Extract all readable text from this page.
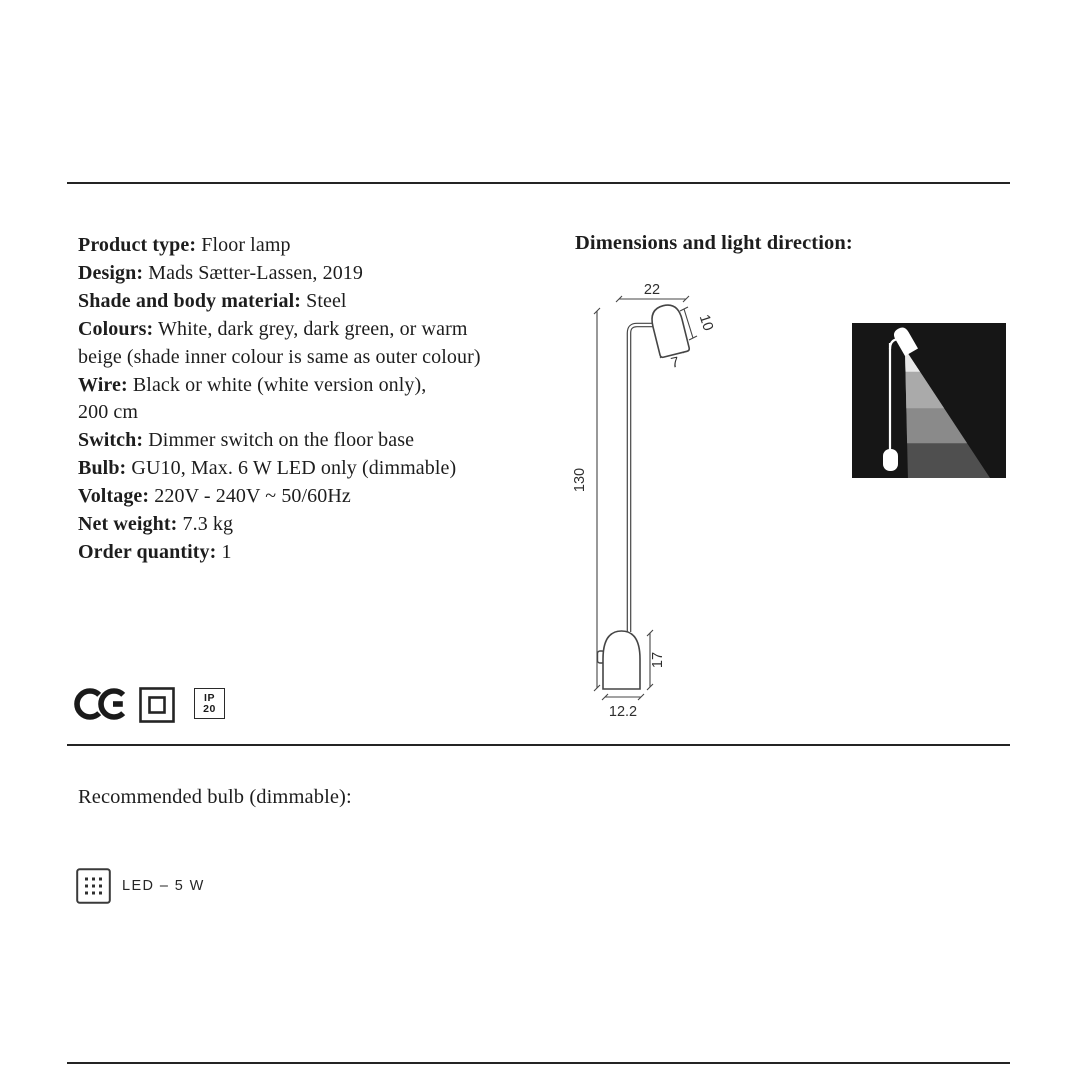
Product type: Floor lamp
Design: Mads Sætter-Lassen, 2019
Shade and body material: Steel
Colours: White, dark grey, dark green, or warm
beige (shade inner colour is same as outer colour)
Wire: Black or white (white version only),
200 cm
Switch: Dimmer switch on the floor base
Bulb: GU10, Max. 6 W LED only (dimmable)
Voltage: 220V - 240V ~ 50/60Hz
Net weight: 7.3 kg
Order quantity: 1
Dimensions and light direction:
22
130
10
7
17
12.2
IP
20
Recommended bulb (dimmable):
LED – 5 W
